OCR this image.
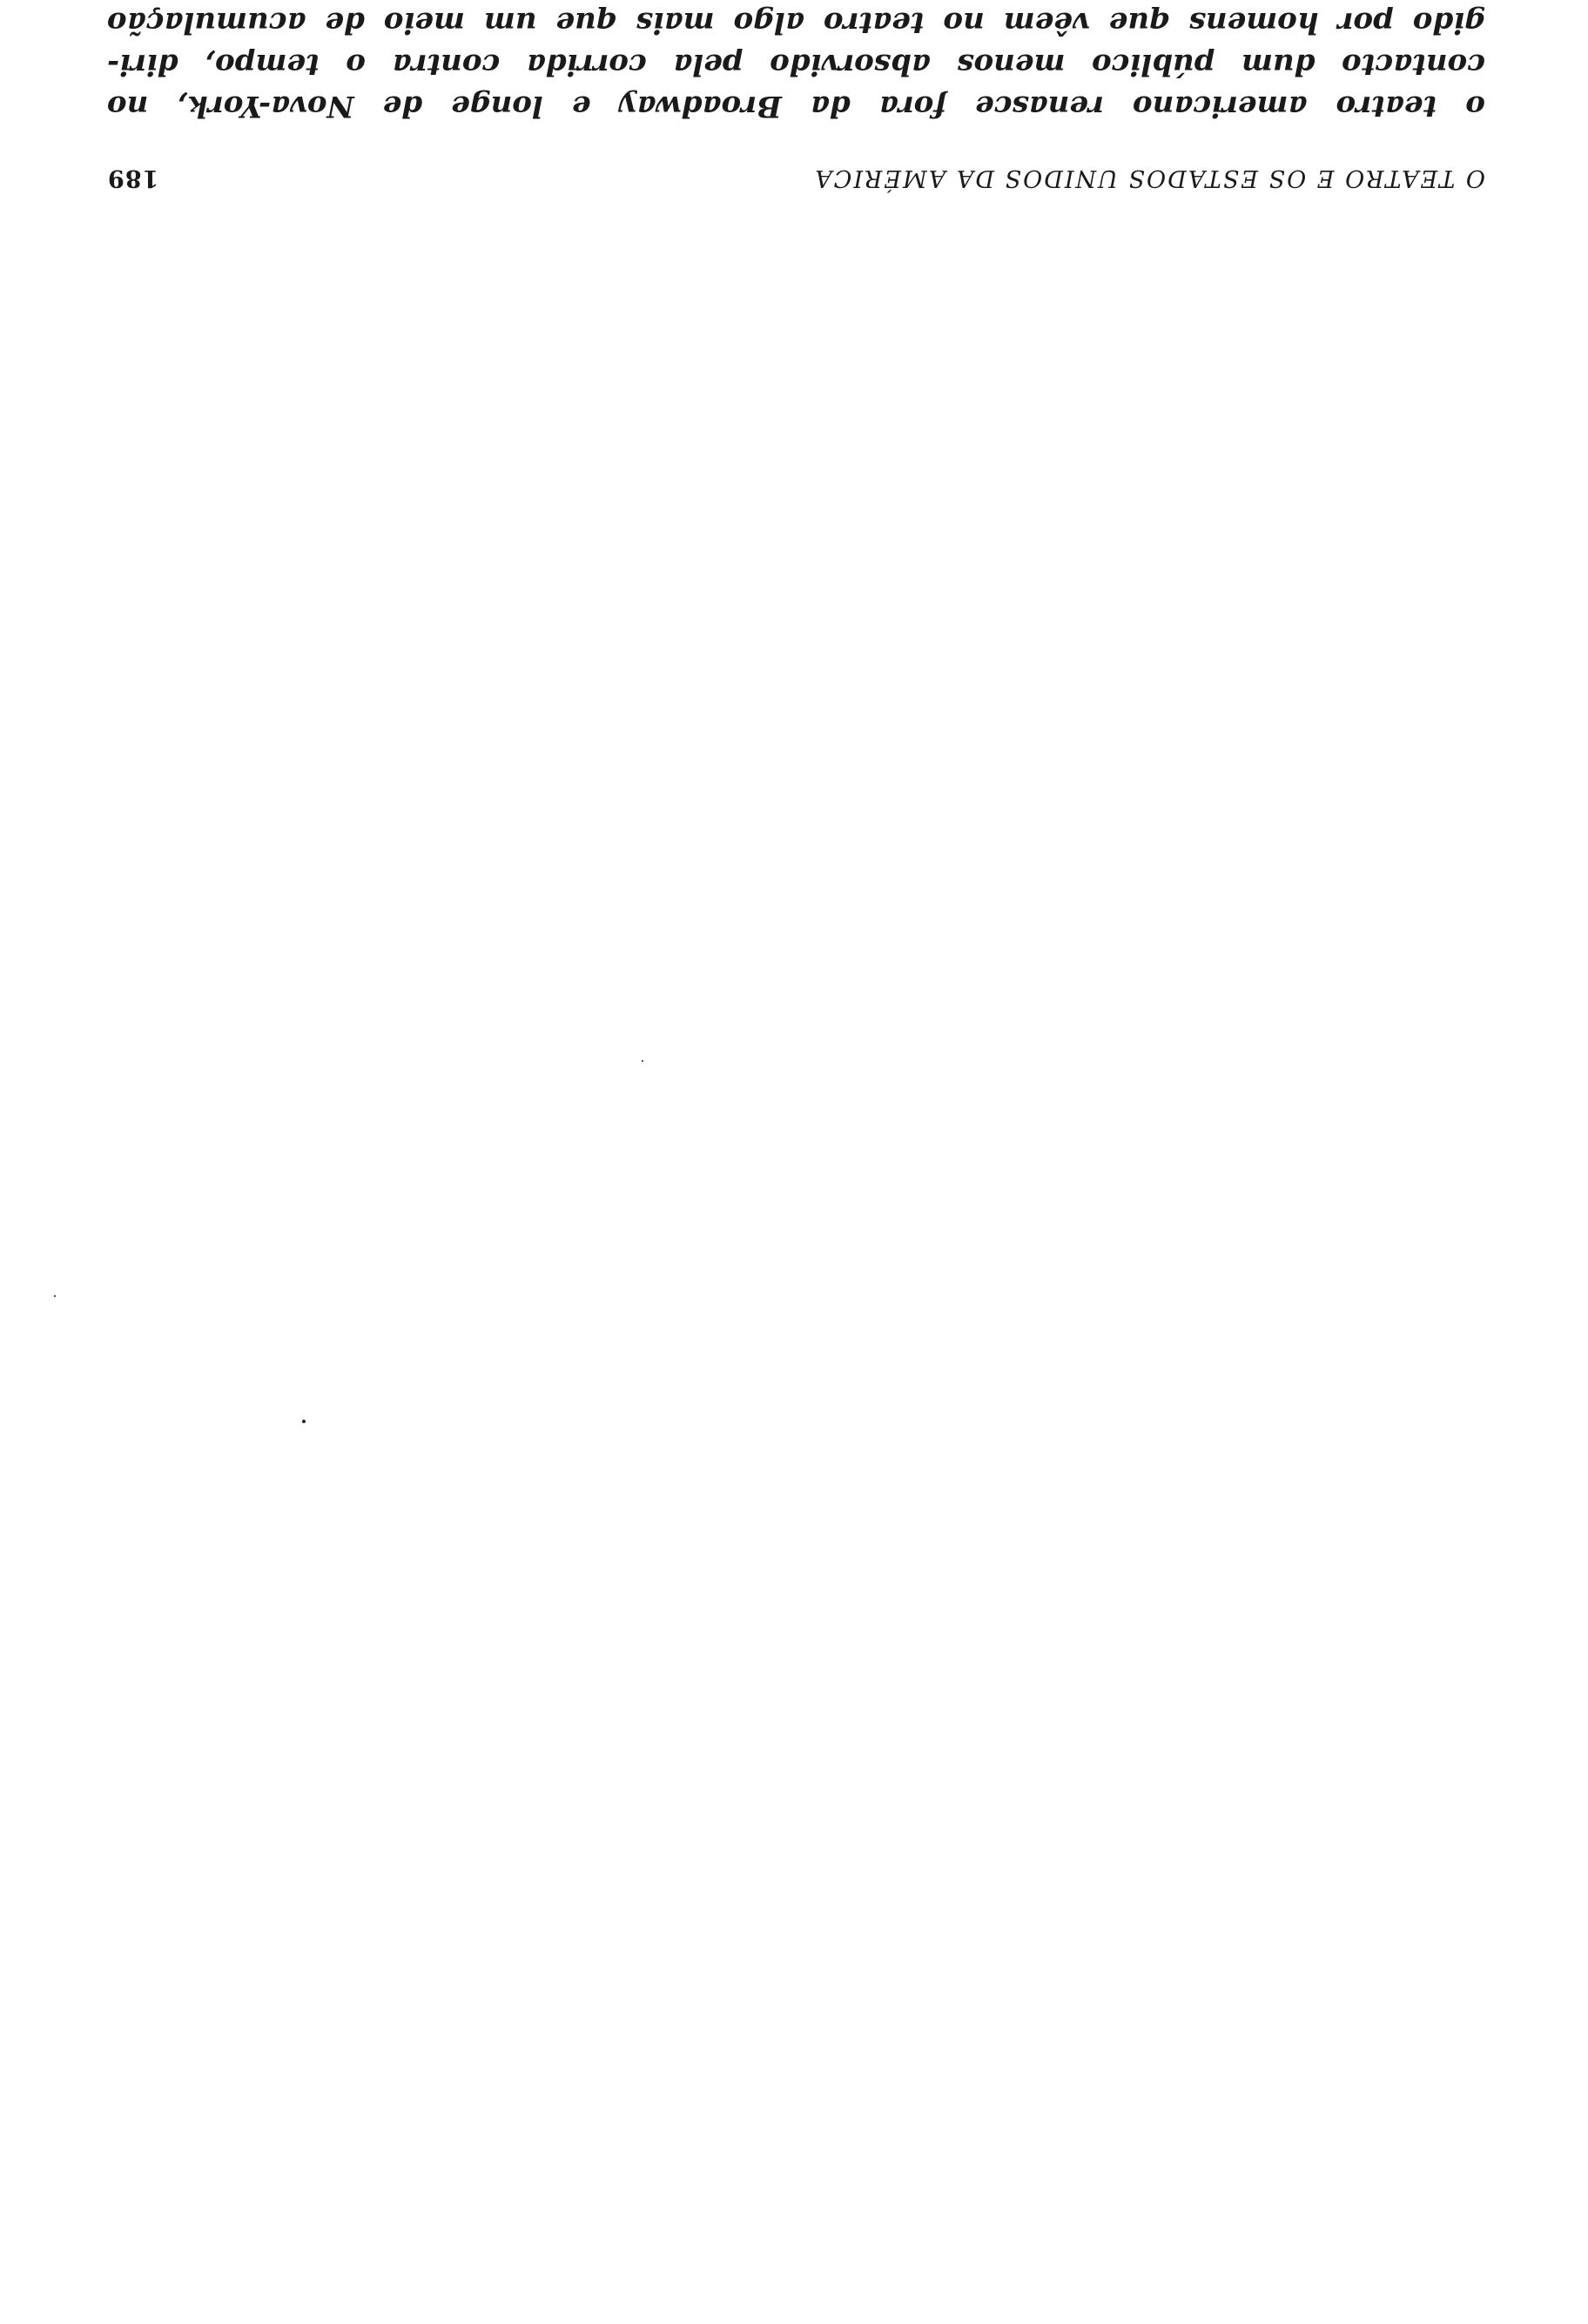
O TEATRO E OS ESTADOS UNIDOS DA AMÉRICA
189
o teatro americano renasce fora da Broadway e longe de Nova-York, no
contacto dum público menos absorvido pela corrida contra o tempo, diri-
gido por homens que vêem no teatro algo mais que um meio de acumulação
